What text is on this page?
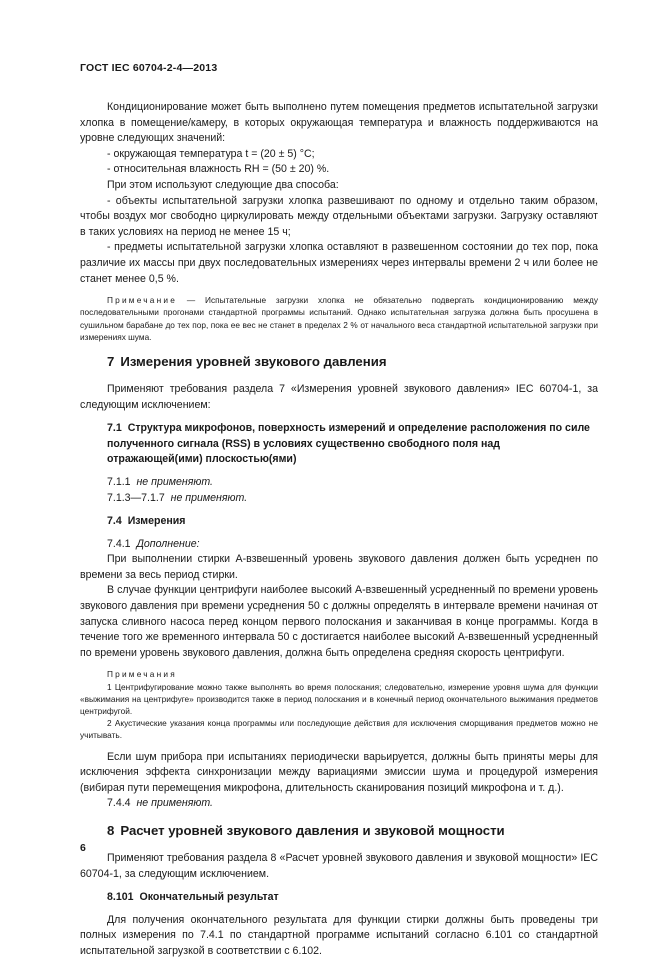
ГОСТ IEC 60704-2-4—2013

Кондиционирование может быть выполнено путем помещения предметов испытательной загрузки хлопка в помещение/камеру, в которых окружающая температура и влажность поддерживаются на уровне следующих значений:

- окружающая температура t = (20 ± 5) °С;

- относительная влажность RH = (50 ± 20) %.

При этом используют следующие два способа:

- объекты испытательной загрузки хлопка развешивают по одному и отдельно таким образом, чтобы воздух мог свободно циркулировать между отдельными объектами загрузки. Загрузку оставляют в таких условиях на период не менее 15 ч;

- предметы испытательной загрузки хлопка оставляют в развешенном состоянии до тех пор, пока различие их массы при двух последовательных измерениях через интервалы времени 2 ч или более не станет менее 0,5 %.

Примечание — Испытательные загрузки хлопка не обязательно подвергать кондиционированию между последовательными прогонами стандартной программы испытаний. Однако испытательная загрузка должна быть просушена в сушильном барабане до тех пор, пока ее вес не станет в пределах 2 % от начального веса стандартной испытательной загрузки при измерениях шума.

7 Измерения уровней звукового давления

Применяют требования раздела 7 «Измерения уровней звукового давления» IEC 60704-1, за следующим исключением:

7.1 Структура микрофонов, поверхность измерений и определение расположения по силе полученного сигнала (RSS) в условиях существенно свободного поля над отражающей(ими) плоскостью(ями)

7.1.1 не применяют.

7.1.3—7.1.7 не применяют.

7.4 Измерения

7.4.1 Дополнение:

При выполнении стирки А-взвешенный уровень звукового давления должен быть усреднен по времени за весь период стирки.

В случае функции центрифуги наиболее высокий А-взвешенный усредненный по времени уровень звукового давления при времени усреднения 50 с должны определять в интервале времени начиная от запуска сливного насоса перед концом первого полоскания и заканчивая в конце программы. Когда в течение того же временного интервала 50 с достигается наиболее высокий А-взвешенный усредненный по времени уровень звукового давления, должна быть определена средняя скорость центрифуги.

Примечания

1 Центрифугирование можно также выполнять во время полоскания; следовательно, измерение уровня шума для функции «выжимания на центрифуге» производится также в период полоскания и в конечный период окончательного выжимания предметов центрифугой.

2 Акустические указания конца программы или последующие действия для исключения сморщивания предметов можно не учитывать.

Если шум прибора при испытаниях периодически варьируется, должны быть приняты меры для исключения эффекта синхронизации между вариациями эмиссии шума и процедурой измерения (вибирая пути перемещения микрофона, длительность сканирования позиций микрофона и т. д.).

7.4.4 не применяют.

8 Расчет уровней звукового давления и звуковой мощности

Применяют требования раздела 8 «Расчет уровней звукового давления и звуковой мощности» IEC 60704-1, за следующим исключением.

8.101 Окончательный результат

Для получения окончательного результата для функции стирки должны быть проведены три полных измерения по 7.4.1 по стандартной программе испытаний согласно 6.101 со стандартной испытательной загрузкой в соответствии с 6.102.

6
